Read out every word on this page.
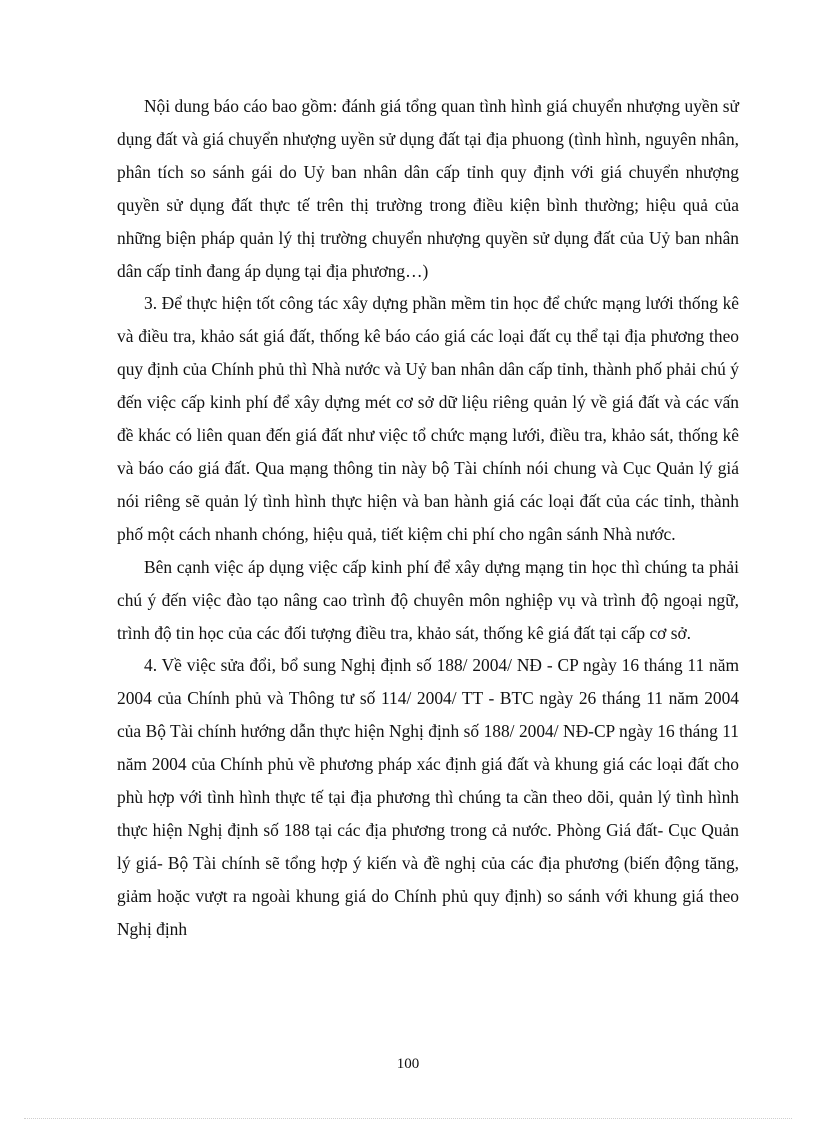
Nội dung báo cáo bao gồm: đánh giá tổng quan tình hình giá chuyển nhượng uyền sử dụng đất và giá chuyển nhượng uyền sử dụng đất tại địa phuong (tình hình, nguyên nhân, phân tích so sánh gái do Uỷ ban nhân dân cấp tỉnh quy định với giá chuyển nhượng quyền sử dụng đất thực tế trên thị trường trong điều kiện bình thường; hiệu quả của những biện pháp quản lý thị trường chuyển nhượng quyền sử dụng đất của Uỷ ban nhân dân cấp tỉnh đang áp dụng tại địa phương…)

3. Để thực hiện tốt công tác xây dựng phần mềm tin học để chức mạng lưới thống kê và điều tra, khảo sát giá đất, thống kê báo cáo giá các loại đất cụ thể tại địa phương theo quy định của Chính phủ thì Nhà nước và Uỷ ban nhân dân cấp tỉnh, thành phố phải chú ý đến việc cấp kinh phí để xây dựng mét cơ sở dữ liệu riêng quản lý về giá đất và các vấn đề khác có liên quan đến giá đất như việc tổ chức mạng lưới, điều tra, khảo sát, thống kê và báo cáo giá đất. Qua mạng thông tin này bộ Tài chính nói chung và Cục Quản lý giá nói riêng sẽ quản lý tình hình thực hiện và ban hành giá các loại đất của các tỉnh, thành phố một cách nhanh chóng, hiệu quả, tiết kiệm chi phí cho ngân sánh Nhà nước.

Bên cạnh việc áp dụng việc cấp kinh phí để xây dựng mạng tin học thì chúng ta phải chú ý đến việc đào tạo nâng cao trình độ chuyên môn nghiệp vụ và trình độ ngoại ngữ, trình độ tin học của các đối tượng điều tra, khảo sát, thống kê giá đất tại cấp cơ sở.

4. Về việc sửa đổi, bổ sung Nghị định số 188/ 2004/ NĐ - CP ngày 16 tháng 11 năm 2004 của Chính phủ và Thông tư số 114/ 2004/ TT - BTC ngày 26 tháng 11 năm 2004 của Bộ Tài chính hướng dẫn thực hiện Nghị định số 188/ 2004/ NĐ-CP ngày 16 tháng 11 năm 2004 của Chính phủ về phương pháp xác định giá đất và khung giá các loại đất cho phù hợp với tình hình thực tế tại địa phương thì chúng ta cần theo dõi, quản lý tình hình thực hiện Nghị định số 188 tại các địa phương trong cả nước. Phòng Giá đất- Cục Quản lý giá- Bộ Tài chính sẽ tổng hợp ý kiến và đề nghị của các địa phương (biến động tăng, giảm hoặc vượt ra ngoài khung giá do Chính phủ quy định) so sánh với khung giá theo Nghị định

100
